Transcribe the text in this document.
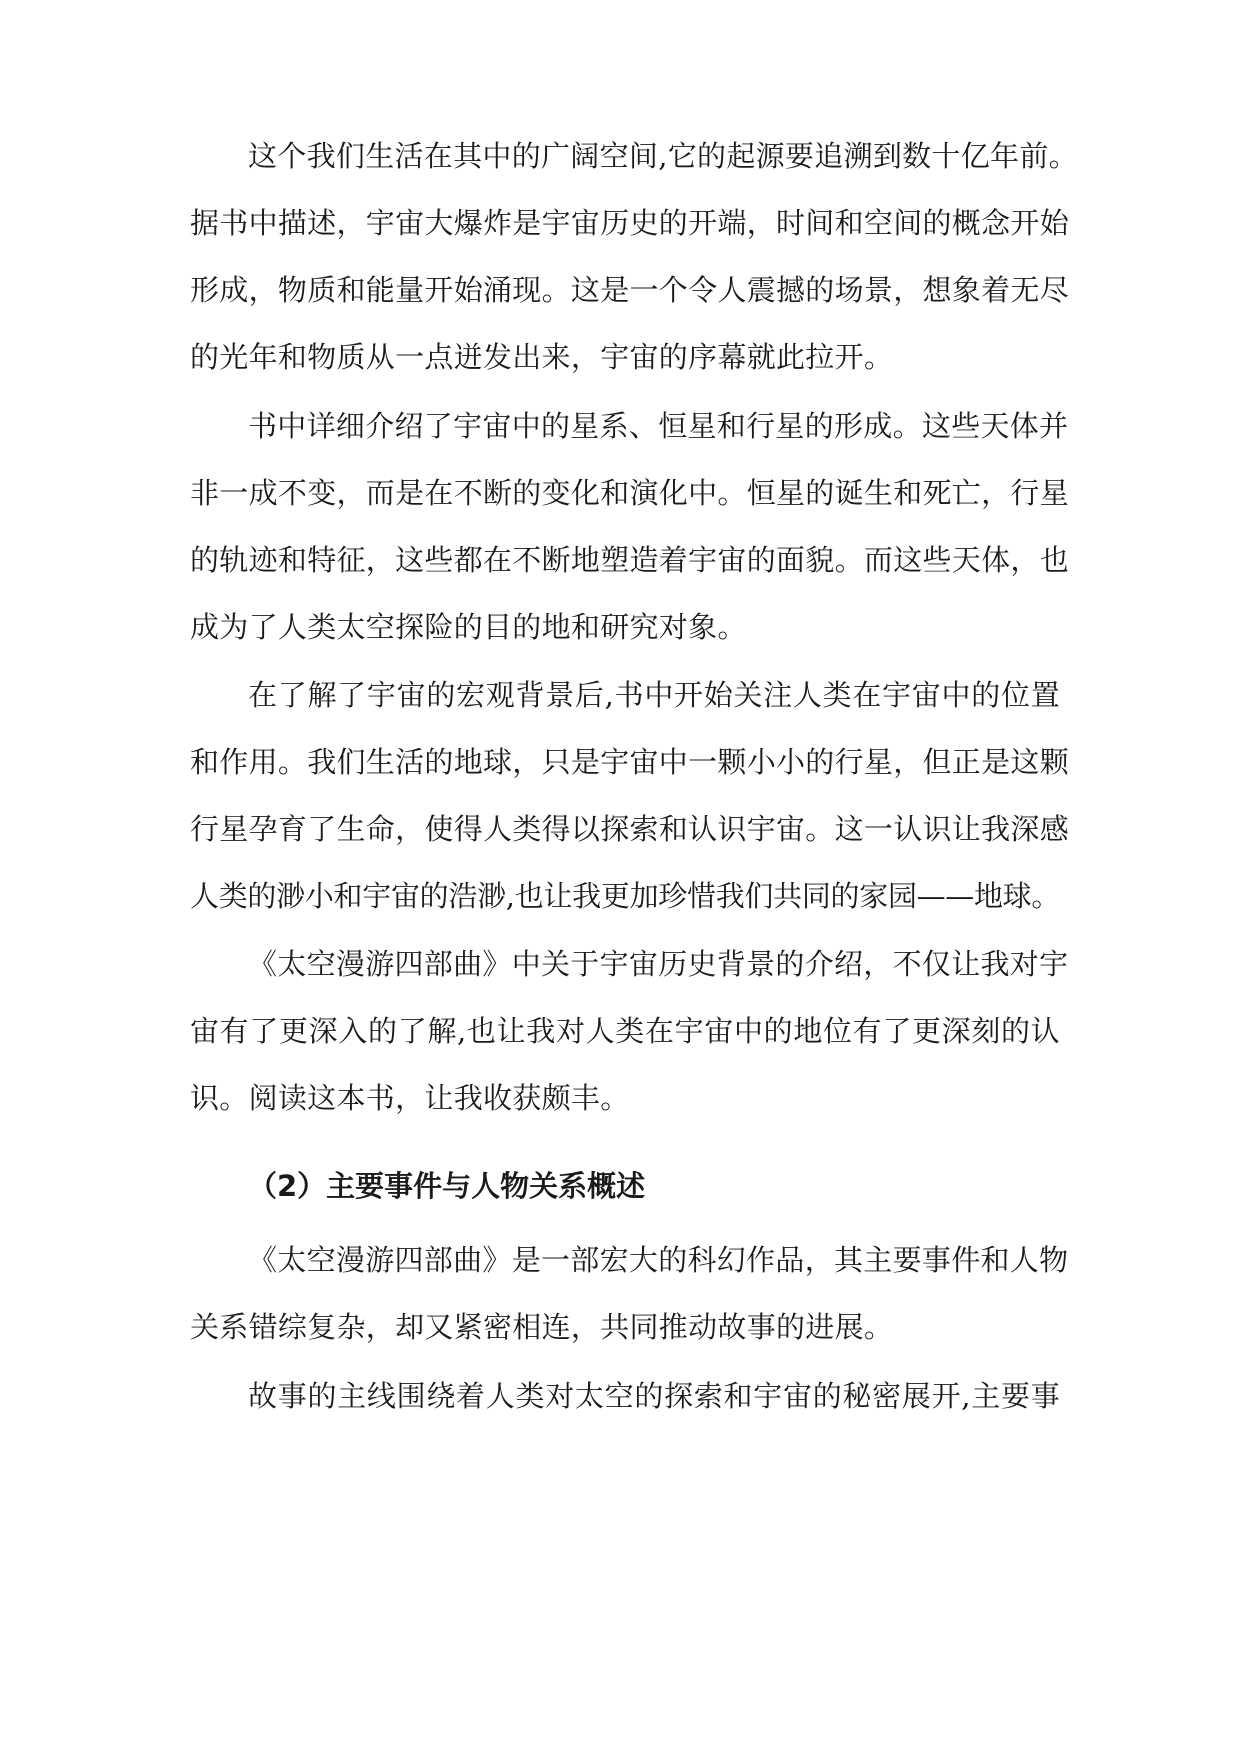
这个我们生活在其中的广阔空间,它的起源要追溯到数十亿年前。
据书中描述，宇宙大爆炸是宇宙历史的开端，时间和空间的概念开始
形成，物质和能量开始涌现。这是一个令人震撼的场景，想象着无尽
的光年和物质从一点迸发出来，宇宙的序幕就此拉开。
书中详细介绍了宇宙中的星系、恒星和行星的形成。这些天体并
非一成不变，而是在不断的变化和演化中。恒星的诞生和死亡，行星
的轨迹和特征，这些都在不断地塑造着宇宙的面貌。而这些天体，也
成为了人类太空探险的目的地和研究对象。
在了解了宇宙的宏观背景后,书中开始关注人类在宇宙中的位置
和作用。我们生活的地球，只是宇宙中一颗小小的行星，但正是这颗
行星孕育了生命，使得人类得以探索和认识宇宙。这一认识让我深感
人类的渺小和宇宙的浩渺,也让我更加珍惜我们共同的家园——地球。
《太空漫游四部曲》中关于宇宙历史背景的介绍，不仅让我对宇
宙有了更深入的了解,也让我对人类在宇宙中的地位有了更深刻的认
识。阅读这本书，让我收获颇丰。
（2）主要事件与人物关系概述
《太空漫游四部曲》是一部宏大的科幻作品，其主要事件和人物
关系错综复杂，却又紧密相连，共同推动故事的进展。
故事的主线围绕着人类对太空的探索和宇宙的秘密展开,主要事
